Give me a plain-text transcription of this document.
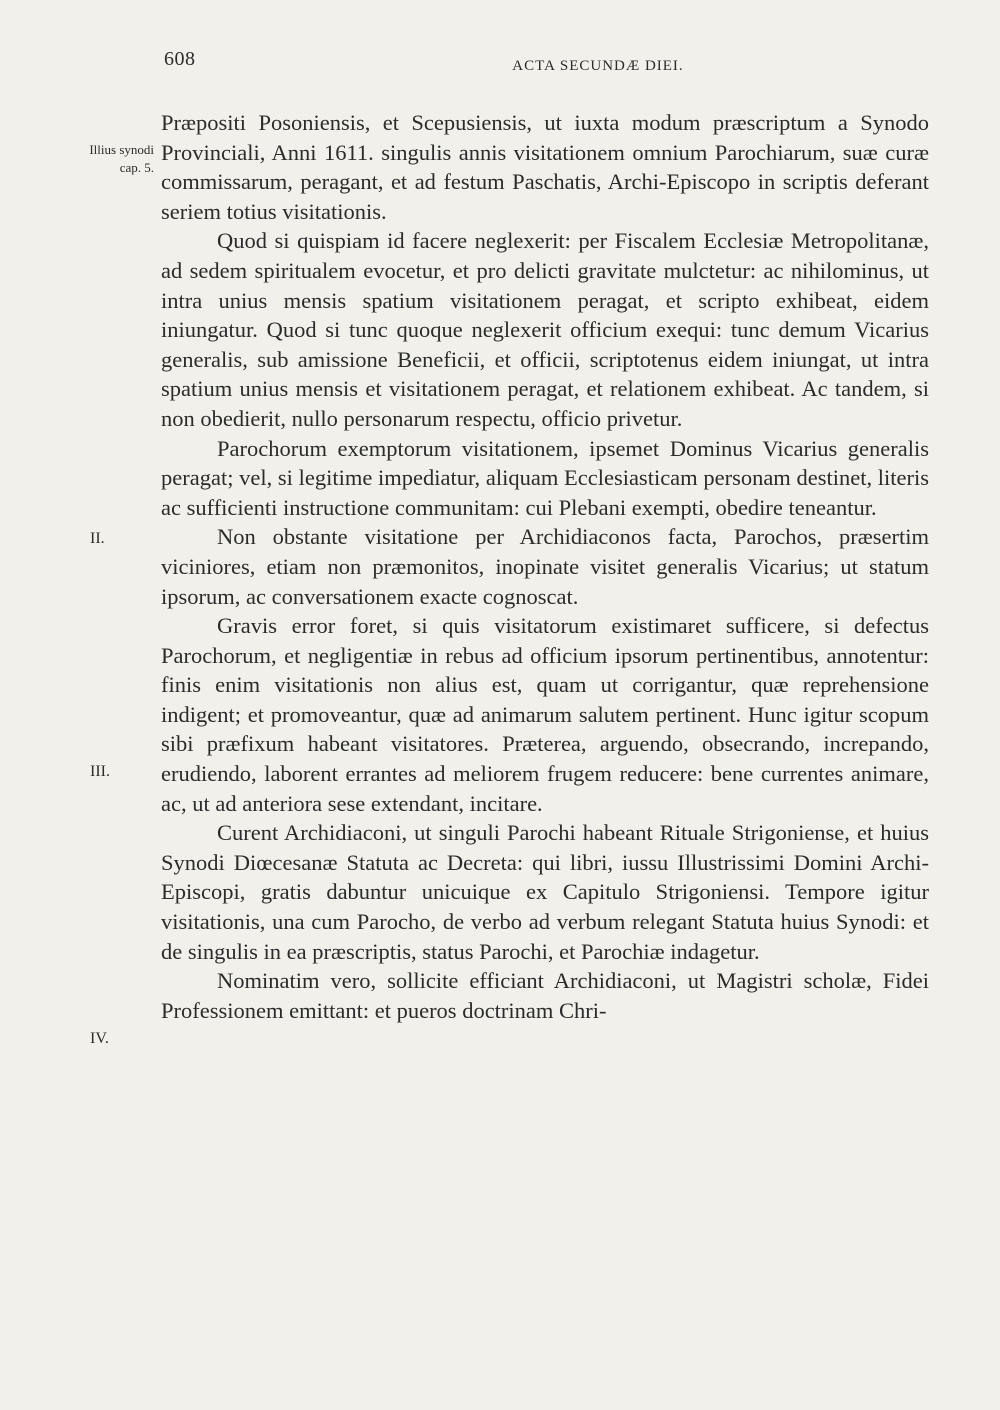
608	ACTA SECUNDÆ DIEI.
Illius synodi
cap. 5.
II.
III.
IV.

Præpositi Posoniensis, et Scepusiensis, ut iuxta modum præscriptum a Synodo Provinciali, Anni 1611. singulis annis visitationem omnium Parochiarum, suæ curæ commissarum, peragant, et ad festum Paschatis, Archi-Episcopo in scriptis deferant seriem totius visitationis.

Quod si quispiam id facere neglexerit: per Fiscalem Ecclesiæ Metropolitanæ, ad sedem spiritualem evocetur, et pro delicti gravitate mulctetur: ac nihilominus, ut intra unius mensis spatium visitationem peragat, et scripto exhibeat, eidem iniungatur. Quod si tunc quoque neglexerit officium exequi: tunc demum Vicarius generalis, sub amissione Beneficii, et officii, scriptotenus eidem iniungat, ut intra spatium unius mensis et visitationem peragat, et relationem exhibeat. Ac tandem, si non obedierit, nullo personarum respectu, officio privetur.

Parochorum exemptorum visitationem, ipsemet Dominus Vicarius generalis peragat; vel, si legitime impediatur, aliquam Ecclesiasticam personam destinet, literis ac sufficienti instructione communitam: cui Plebani exempti, obedire teneantur.

Non obstante visitatione per Archidiaconos facta, Parochos, præsertim viciniores, etiam non præmonitos, inopinate visitet generalis Vicarius; ut statum ipsorum, ac conversationem exacte cognoscat.

Gravis error foret, si quis visitatorum existimaret sufficere, si defectus Parochorum, et negligentiæ in rebus ad officium ipsorum pertinentibus, annotentur: finis enim visitationis non alius est, quam ut corrigantur, quæ reprehensione indigent; et promoveantur, quæ ad animarum salutem pertinent. Hunc igitur scopum sibi præfixum habeant visitatores. Præterea, arguendo, obsecrando, increpando, erudiendo, laborent errantes ad meliorem frugem reducere: bene currentes animare, ac, ut ad anteriora sese extendant, incitare.

Curent Archidiaconi, ut singuli Parochi habeant Rituale Strigoniense, et huius Synodi Diœcesanæ Statuta ac Decreta: qui libri, iussu Illustrissimi Domini Archi-Episcopi, gratis dabuntur unicuique ex Capitulo Strigoniensi. Tempore igitur visitationis, una cum Parocho, de verbo ad verbum relegant Statuta huius Synodi: et de singulis in ea præscriptis, status Parochi, et Parochiæ indagetur.

Nominatim vero, sollicite efficiant Archidiaconi, ut Magistri scholæ, Fidei Professionem emittant: et pueros doctrinam Chri-
